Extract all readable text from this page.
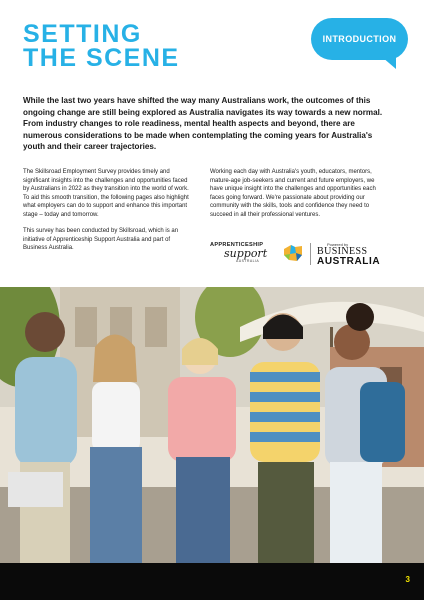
SETTING
THE SCENE
INTRODUCTION

While the last two years have shifted the way many Australians work, the outcomes of this ongoing change are still being explored as Australia navigates its way towards a new normal. From industry changes to role readiness, mental health aspects and beyond, there are numerous considerations to be made when contemplating the coming years for Australia's youth and their career trajectories.

The Skillsroad Employment Survey provides timely and significant insights into the challenges and opportunities faced by Australians in 2022 as they transition into the world of work. To aid this smooth transition, the following pages also highlight what employers can do to support and enhance this important stage – today and tomorrow.

This survey has been conducted by Skillsroad, which is an initiative of Apprenticeship Support Australia and part of Business Australia.

Working each day with Australia's youth, educators, mentors, mature-age job-seekers and current and future employers, we have unique insight into the challenges and opportunities each faces going forward. We're passionate about providing our community with the skills, tools and confidence they need to succeed in all their professional ventures.

APPRENTICESHIP
support
AUSTRALIA
Powered by
BUSINESS
AUSTRALIA
3
